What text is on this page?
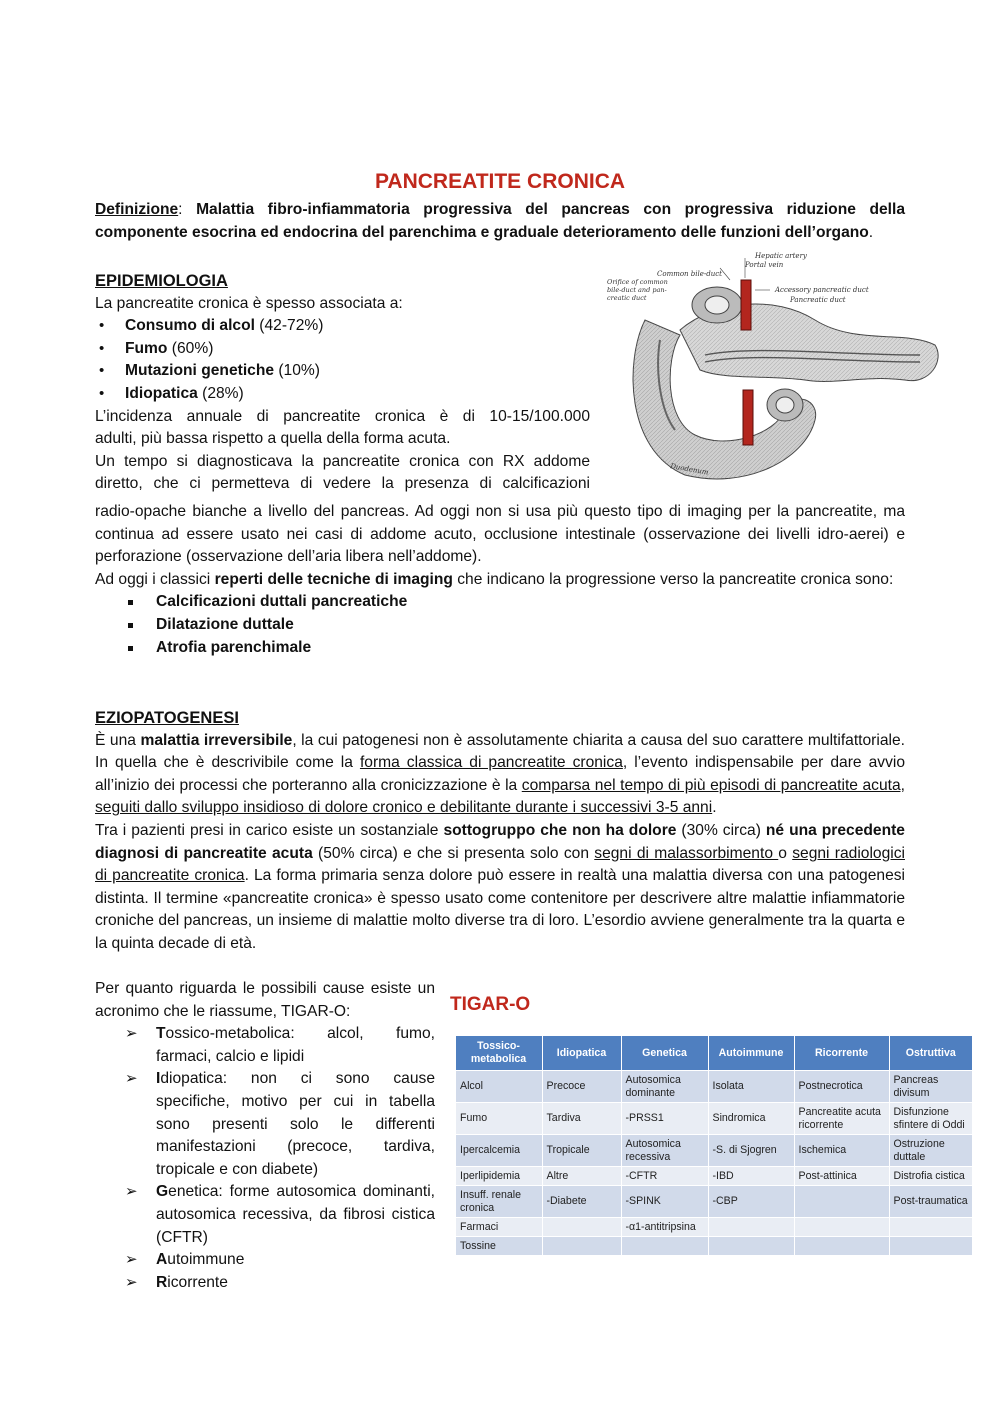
PANCREATITE CRONICA

Definizione: Malattia fibro-infiammatoria progressiva del pancreas con progressiva riduzione della componente esocrina ed endocrina del parenchima e graduale deterioramento delle funzioni dell’organo.

EPIDEMIOLOGIA

La pancreatite cronica è spesso associata a:

• Consumo di alcol (42-72%)
• Fumo (60%)
• Mutazioni genetiche (10%)
• Idiopatica (28%)

L’incidenza annuale di pancreatite cronica è di 10-15/100.000

adulti, più bassa rispetto a quella della forma acuta.

Un tempo si diagnosticava la pancreatite cronica con RX addome

diretto, che ci permetteva di vedere la presenza di calcificazioni

radio-opache bianche a livello del pancreas. Ad oggi non si usa più questo tipo di imaging per la pancreatite, ma continua ad essere usato nei casi di addome acuto, occlusione intestinale (osservazione dei livelli idro-aerei) e perforazione (osservazione dell’aria libera nell’addome).

Ad oggi i classici reperti delle tecniche di imaging che indicano la progressione verso la pancreatite cronica sono:

Calcificazioni duttali pancreatiche
Dilatazione duttale
Atrofia parenchimale

EZIOPATOGENESI

È una malattia irreversibile, la cui patogenesi non è assolutamente chiarita a causa del suo carattere multifattoriale. In quella che è descrivibile come la forma classica di pancreatite cronica, l’evento indispensabile per dare avvio all’inizio dei processi che porteranno alla cronicizzazione è la comparsa nel tempo di più episodi di pancreatite acuta, seguiti dallo sviluppo insidioso di dolore cronico e debilitante durante i successivi 3-5 anni.

Tra i pazienti presi in carico esiste un sostanziale sottogruppo che non ha dolore (30% circa) né una precedente diagnosi di pancreatite acuta (50% circa) e che si presenta solo con segni di malassorbimento o segni radiologici di pancreatite cronica. La forma primaria senza dolore può essere in realtà una malattia diversa con una patogenesi distinta. Il termine «pancreatite cronica» è spesso usato come contenitore per descrivere altre malattie infiammatorie croniche del pancreas, un insieme di malattie molto diverse tra di loro. L’esordio avviene generalmente tra la quarta e la quinta decade di età.

Per quanto riguarda le possibili cause esiste un acronimo che le riassume, TIGAR-O:

➢ Tossico-metabolica: alcol, fumo, farmaci, calcio e lipidi
➢ Idiopatica: non ci sono cause specifiche, motivo per cui in tabella sono presenti solo le differenti manifestazioni (precoce, tardiva, tropicale e con diabete)
➢ Genetica: forme autosomica dominanti, autosomica recessiva, da fibrosi cistica (CFTR)
➢ Autoimmune
➢ Ricorrente
Hepatic artery
Portal vein
Common bile-duct
Orifice of common
bile-duct and pan-
creatic duct
Accessory pancreatic duct
Pancreatic duct
Duodenum
TIGAR-O
Tossico-metabolica	Idiopatica	Genetica	Autoimmune	Ricorrente	Ostruttiva
Alcol	Precoce	Autosomica dominante	Isolata	Postnecrotica	Pancreas divisum
Fumo	Tardiva	-PRSS1	Sindromica	Pancreatite acuta ricorrente	Disfunzione sfintere di Oddi
Ipercalcemia	Tropicale	Autosomica recessiva	-S. di Sjogren	Ischemica	Ostruzione duttale
Iperlipidemia	Altre	-CFTR	-IBD	Post-attinica	Distrofia cistica
Insuff. renale cronica	-Diabete	-SPINK	-CBP		Post-traumatica
Farmaci		-α1-antitripsina			
Tossine					
